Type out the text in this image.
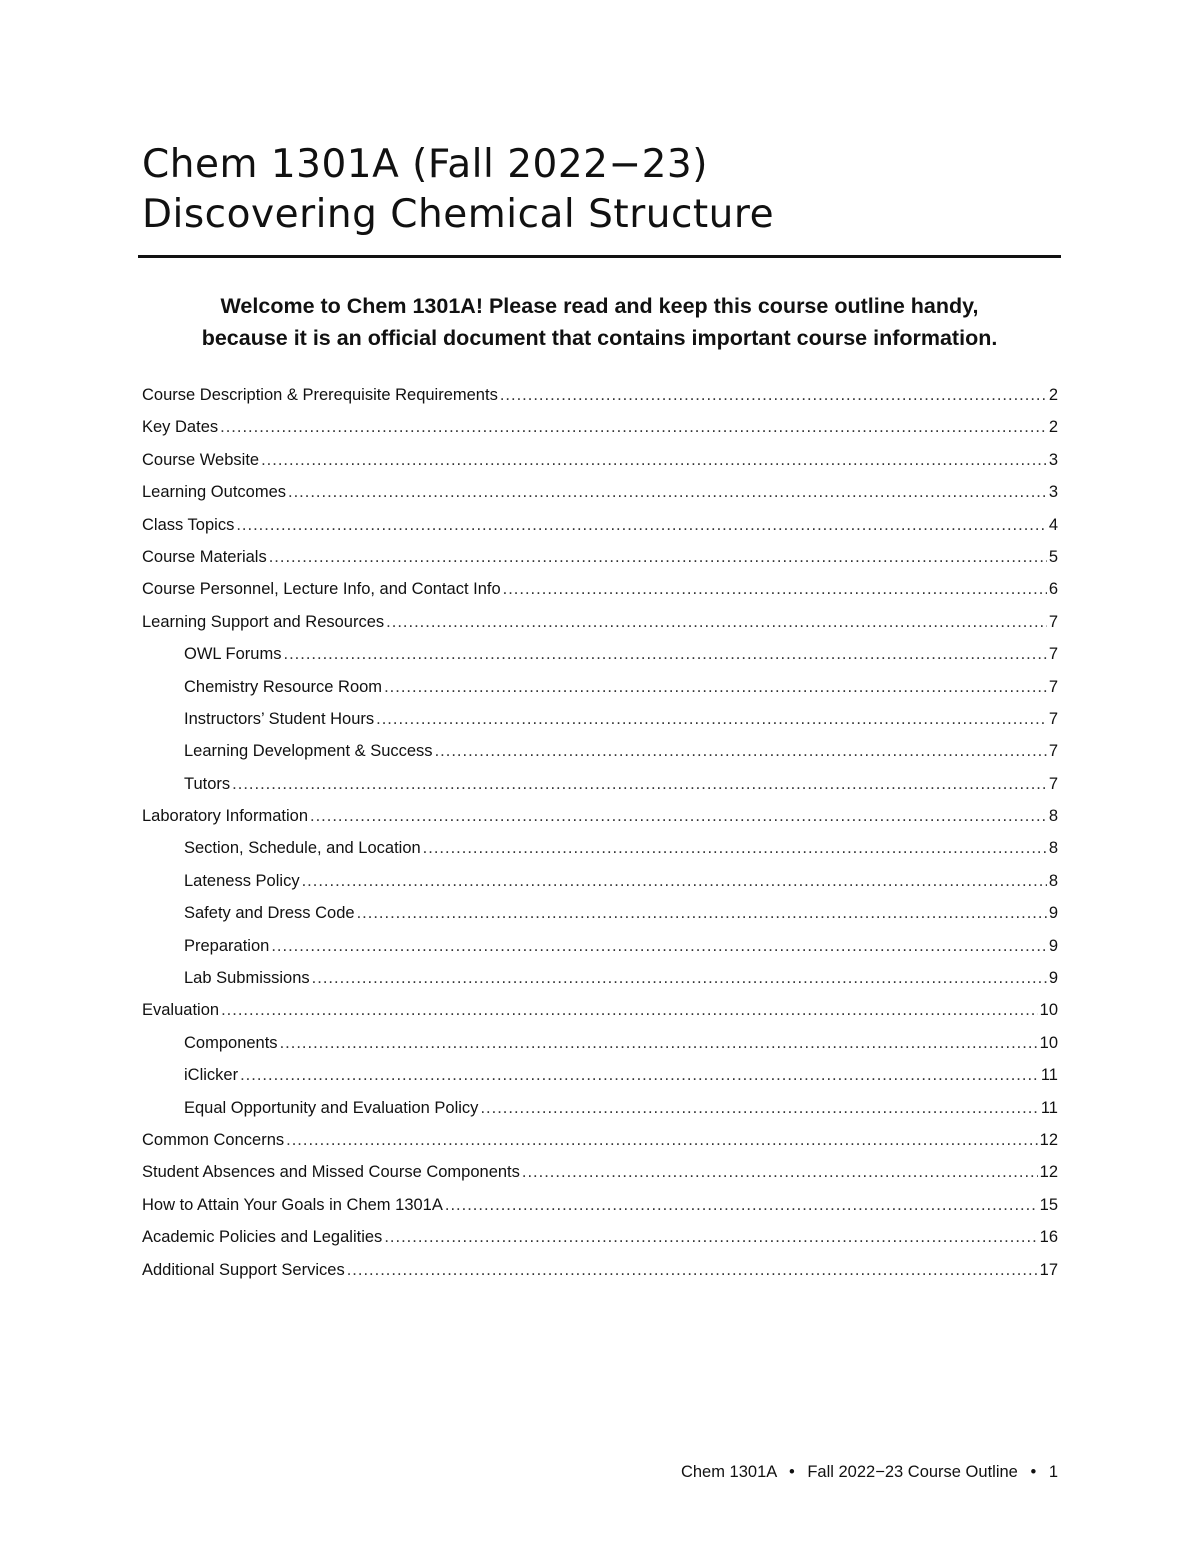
Chem 1301A (Fall 2022−23)
Discovering Chemical Structure
Welcome to Chem 1301A! Please read and keep this course outline handy,
because it is an official document that contains important course information.
Course Description & Prerequisite Requirements .....	2
Key Dates .....	2
Course Website .....	3
Learning Outcomes .....	3
Class Topics .....	4
Course Materials .....	5
Course Personnel, Lecture Info, and Contact Info .....	6
Learning Support and Resources .....	7
OWL Forums .....	7
Chemistry Resource Room .....	7
Instructors’ Student Hours .....	7
Learning Development & Success .....	7
Tutors .....	7
Laboratory Information .....	8
Section, Schedule, and Location .....	8
Lateness Policy .....	8
Safety and Dress Code .....	9
Preparation .....	9
Lab Submissions .....	9
Evaluation .....	10
Components .....	10
iClicker .....	11
Equal Opportunity and Evaluation Policy .....	11
Common Concerns .....	12
Student Absences and Missed Course Components .....	12
How to Attain Your Goals in Chem 1301A .....	15
Academic Policies and Legalities .....	16
Additional Support Services .....	17
Chem 1301A • Fall 2022−23 Course Outline • 1
